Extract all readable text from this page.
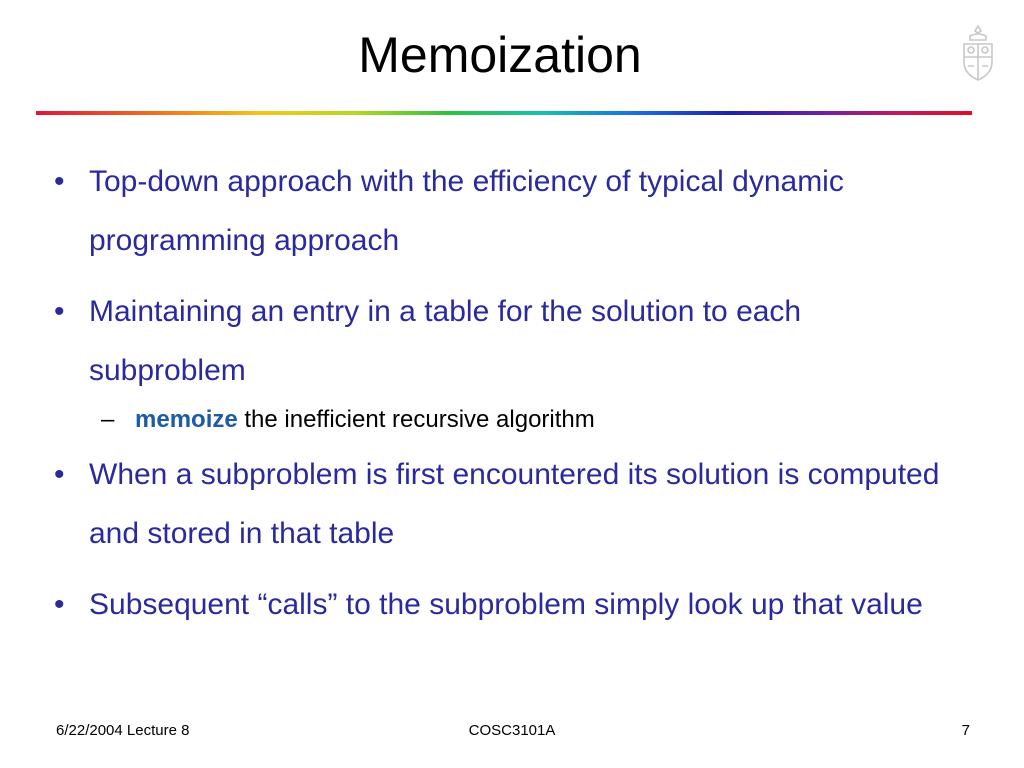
Memoization
• Top-down approach with the efficiency of typical dynamic programming approach
• Maintaining an entry in a table for the solution to each subproblem
– memoize the inefficient recursive algorithm
• When a subproblem is first encountered its solution is computed and stored in that table
• Subsequent “calls” to the subproblem simply look up that value
6/22/2004 Lecture 8	COSC3101A	7
